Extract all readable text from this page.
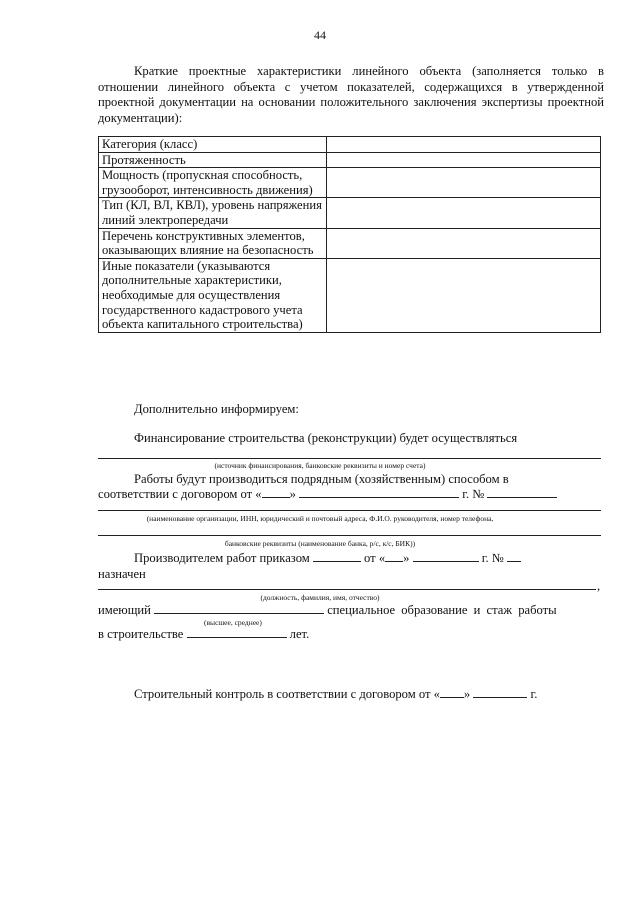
44
Краткие проектные характеристики линейного объекта (заполняется только в отношении линейного объекта с учетом показателей, содержащихся в утвержденной проектной документации на основании положительного заключения экспертизы проектной документации):
Категория (класс)	
Протяженность	
Мощность (пропускная способность, грузооборот, интенсивность движения)	
Тип (КЛ, ВЛ, КВЛ), уровень напряжения линий электропередачи	
Перечень конструктивных элементов, оказывающих влияние на безопасность	
Иные показатели (указываются дополнительные характеристики, необходимые для осуществления государственного кадастрового учета объекта капитального строительства)	
Дополнительно информируем:
Финансирование строительства (реконструкции) будет осуществляться
(источник финансирования, банковские реквизиты и номер счета)
Работы будут производиться подрядным (хозяйственным) способом в
соответствии с договором от « »	г. №
(наименование организации, ИНН, юридический и почтовый адреса, Ф.И.О. руководителя, номер телефона,
банковские реквизиты (наименование банка, р/с, к/с, БИК))
Производителем работ приказом	от « »	г. №
назначен
,
(должность, фамилия, имя, отчество)
имеющий	специальное образование и стаж работы
(высшее, среднее)
в строительстве	лет.
Строительный контроль в соответствии с договором от « »	г.
